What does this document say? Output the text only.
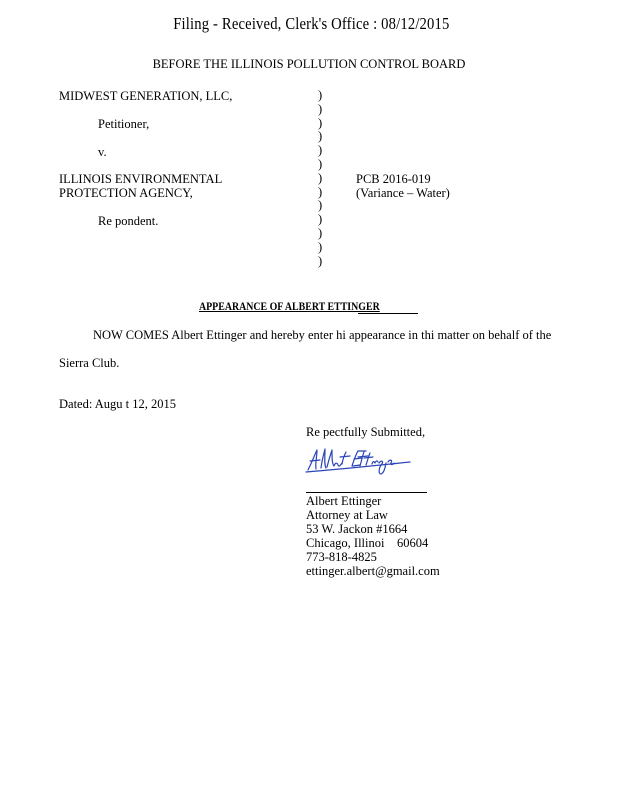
Filing - Received, Clerk's Office : 08/12/2015
BEFORE THE ILLINOIS POLLUTION CONTROL BOARD
MIDWEST GENERATION, LLC,
Petitioner,
v.
ILLINOIS ENVIRONMENTAL
PROTECTION AGENCY,
Re pondent.
)
)
)
)
)
)
)
)
)
)
)
)
)
PCB 2016-019
(Variance – Water)
APPEARANCE OF ALBERT ETTINGER
NOW COMES Albert Ettinger and hereby enter hi appearance in thi matter on behalf of the
Sierra Club.
Dated: Augu t 12, 2015
Re pectfully Submitted,
Albert Ettinger
Attorney at Law
53 W. Jackon #1664
Chicago, Illinoi    60604
773-818-4825
ettinger.albert@gmail.com
